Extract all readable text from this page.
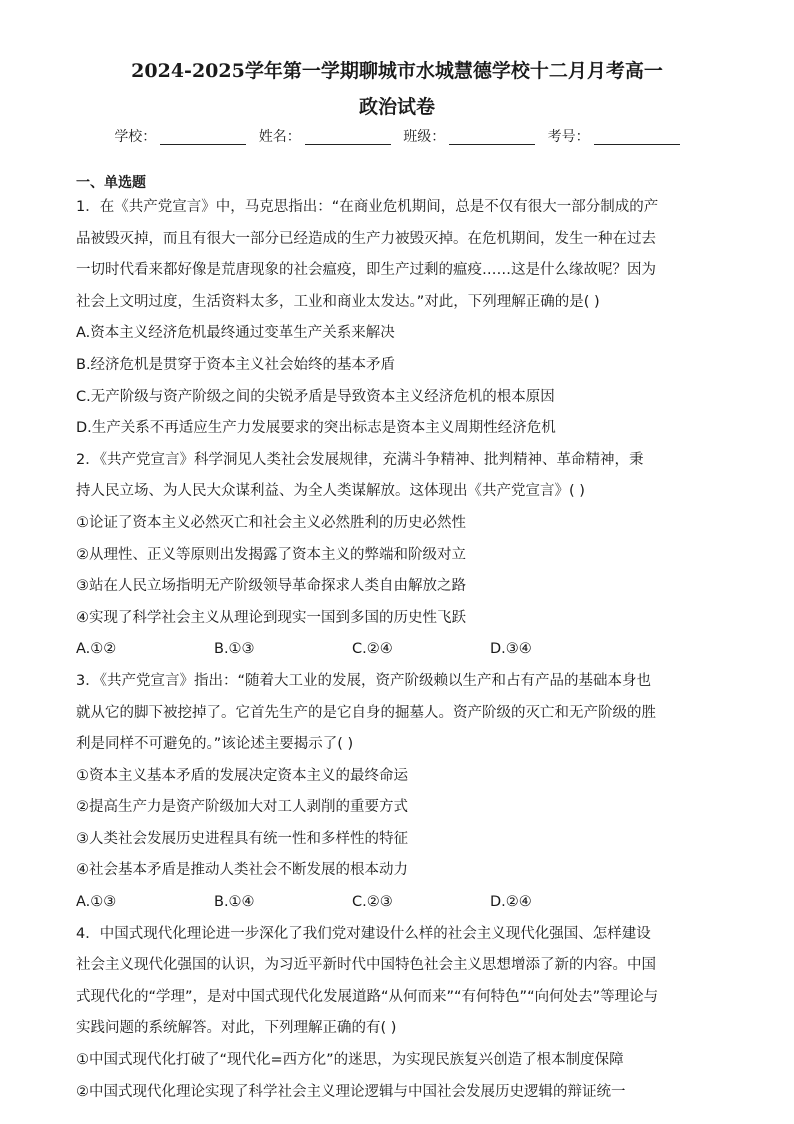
2024-2025学年第一学期聊城市水城慧德学校十二月月考高一
政治试卷
学校：	姓名：	班级：	考号：
一、单选题
1．在《共产党宣言》中，马克思指出：“在商业危机期间，总是不仅有很大一部分制成的产
品被毁灭掉，而且有很大一部分已经造成的生产力被毁灭掉。在危机期间，发生一种在过去
一切时代看来都好像是荒唐现象的社会瘟疫，即生产过剩的瘟疫……这是什么缘故呢？因为
社会上文明过度，生活资料太多，工业和商业太发达。”对此，下列理解正确的是( )
A.资本主义经济危机最终通过变革生产关系来解决
B.经济危机是贯穿于资本主义社会始终的基本矛盾
C.无产阶级与资产阶级之间的尖锐矛盾是导致资本主义经济危机的根本原因
D.生产关系不再适应生产力发展要求的突出标志是资本主义周期性经济危机
2．《共产党宣言》科学洞见人类社会发展规律，充满斗争精神、批判精神、革命精神，秉
持人民立场、为人民大众谋利益、为全人类谋解放。这体现出《共产党宣言》( )
①论证了资本主义必然灭亡和社会主义必然胜利的历史必然性
②从理性、正义等原则出发揭露了资本主义的弊端和阶级对立
③站在人民立场指明无产阶级领导革命探求人类自由解放之路
④实现了科学社会主义从理论到现实一国到多国的历史性飞跃
A.①②	B.①③	C.②④	D.③④
3．《共产党宣言》指出：“随着大工业的发展，资产阶级赖以生产和占有产品的基础本身也
就从它的脚下被挖掉了。它首先生产的是它自身的掘墓人。资产阶级的灭亡和无产阶级的胜
利是同样不可避免的。”该论述主要揭示了( )
①资本主义基本矛盾的发展决定资本主义的最终命运
②提高生产力是资产阶级加大对工人剥削的重要方式
③人类社会发展历史进程具有统一性和多样性的特征
④社会基本矛盾是推动人类社会不断发展的根本动力
A.①③	B.①④	C.②③	D.②④
4．中国式现代化理论进一步深化了我们党对建设什么样的社会主义现代化强国、怎样建设
社会主义现代化强国的认识，为习近平新时代中国特色社会主义思想增添了新的内容。中国
式现代化的“学理”，是对中国式现代化发展道路“从何而来”“有何特色”“向何处去”等理论与
实践问题的系统解答。对此，下列理解正确的有( )
①中国式现代化打破了“现代化=西方化”的迷思，为实现民族复兴创造了根本制度保障
②中国式现代化理论实现了科学社会主义理论逻辑与中国社会发展历史逻辑的辩证统一
